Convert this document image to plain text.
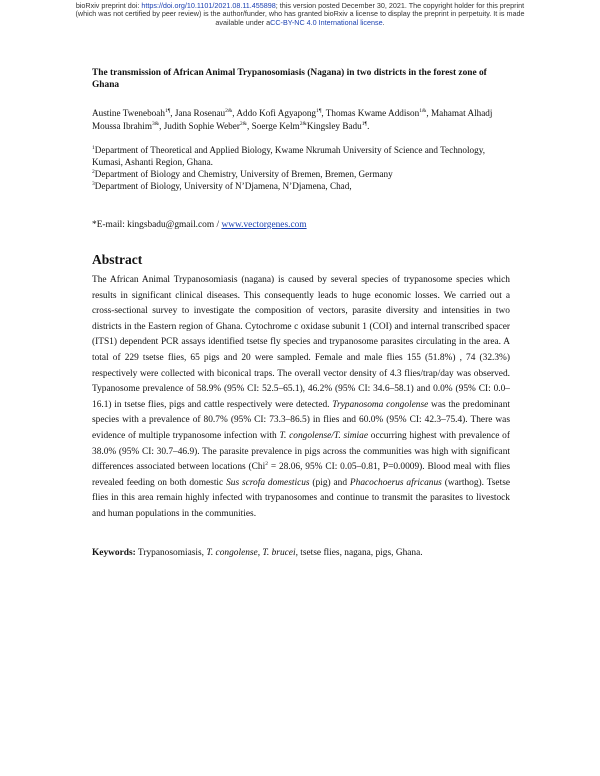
bioRxiv preprint doi: https://doi.org/10.1101/2021.08.11.455898; this version posted December 30, 2021. The copyright holder for this preprint
(which was not certified by peer review) is the author/funder, who has granted bioRxiv a license to display the preprint in perpetuity. It is made
available under aCC-BY-NC 4.0 International license.
The transmission of African Animal Trypanosomiasis (Nagana) in two districts in the forest zone of Ghana
Austine Tweneboah$^{1\P}$, Jana Rosenau$^{2\&}$, Addo Kofi Agyapong$^{1\P}$, Thomas Kwame Addison$^{1\&}$, Mahamat Alhadj Moussa Ibrahim$^{3\&}$, Judith Sophie Weber$^{2\&}$, Soerge Kelm$^{2\&}$Kingsley Badu$^{1\P}$.
$^1$Department of Theoretical and Applied Biology, Kwame Nkrumah University of Science and Technology, Kumasi, Ashanti Region, Ghana.
$^2$Department of Biology and Chemistry, University of Bremen, Bremen, Germany
$^3$Department of Biology, University of N’Djamena, N’Djamena, Chad,
*E-mail: kingsbadu@gmail.com / www.vectorgenes.com
Abstract
The African Animal Trypanosomiasis (nagana) is caused by several species of trypanosome species which results in significant clinical diseases. This consequently leads to huge economic losses. We carried out a cross-sectional survey to investigate the composition of vectors, parasite diversity and intensities in two districts in the Eastern region of Ghana. Cytochrome c oxidase subunit 1 (COI) and internal transcribed spacer (ITS1) dependent PCR assays identified tsetse fly species and trypanosome parasites circulating in the area. A total of 229 tsetse flies, 65 pigs and 20 were sampled. Female and male flies 155 (51.8%) , 74 (32.3%) respectively were collected with biconical traps. The overall vector density of 4.3 flies/trap/day was observed. Typanosome prevalence of 58.9% (95% CI: 52.5–65.1), 46.2% (95% CI: 34.6–58.1) and 0.0% (95% CI: 0.0–16.1) in tsetse flies, pigs and cattle respectively were detected. Trypanosoma congolense was the predominant species with a prevalence of 80.7% (95% CI: 73.3–86.5) in flies and 60.0% (95% CI: 42.3–75.4). There was evidence of multiple trypanosome infection with T. congolense/T. simiae occurring highest with prevalence of 38.0% (95% CI: 30.7–46.9). The parasite prevalence in pigs across the communities was high with significant differences associated between locations (Chi$^2$ = 28.06, 95% CI: 0.05–0.81, P=0.0009). Blood meal with flies revealed feeding on both domestic Sus scrofa domesticus (pig) and Phacochoerus africanus (warthog). Tsetse flies in this area remain highly infected with trypanosomes and continue to transmit the parasites to livestock and human populations in the communities.
Keywords: Trypanosomiasis, T. congolense, T. brucei, tsetse flies, nagana, pigs, Ghana.
